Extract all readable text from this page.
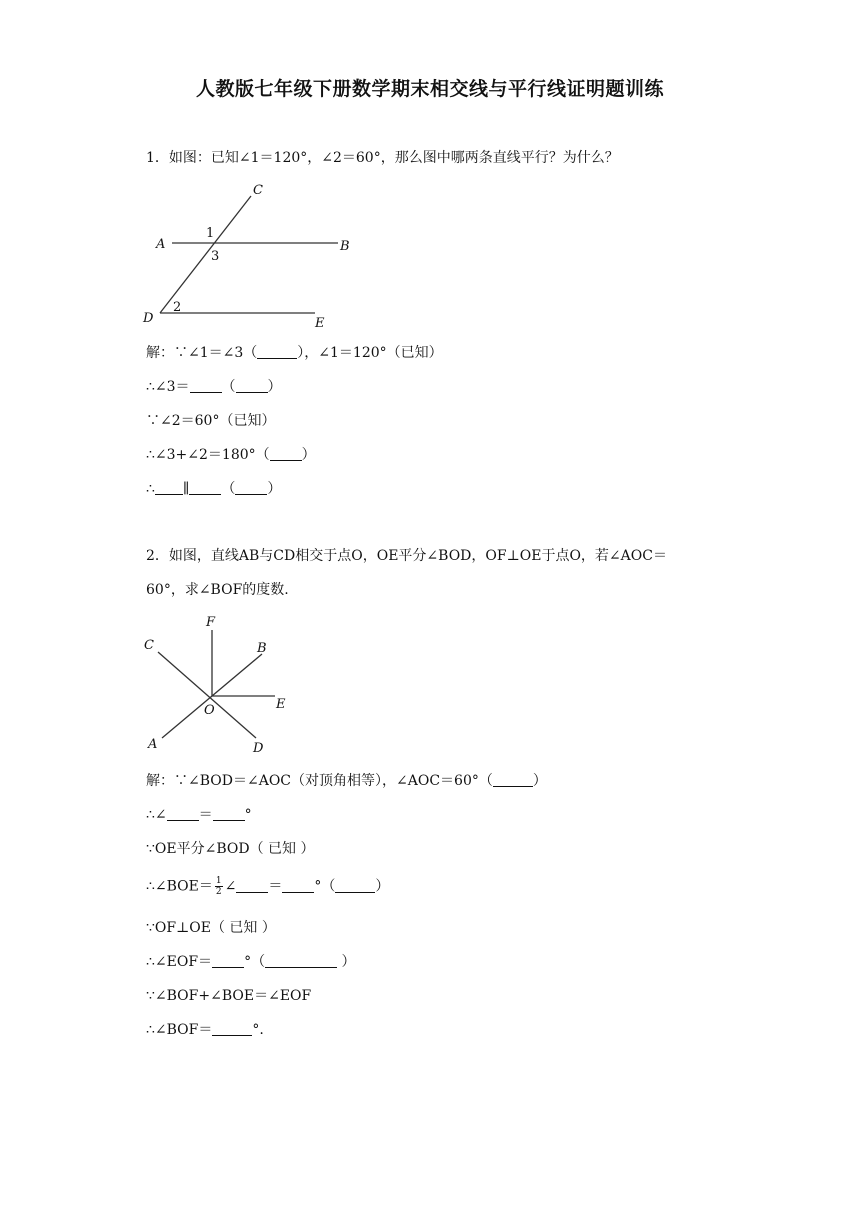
人教版七年级下册数学期末相交线与平行线证明题训练
1．如图：已知∠1＝120°，∠2＝60°，那么图中哪两条直线平行？为什么？
A	B
C
D	E
1
3
2
解：∵∠1＝∠3（	），∠1＝120°（已知）
∴∠3＝ （ ）
∵∠2＝60°（已知）
∴∠3+∠2＝180°（ ）
∴ ∥ （ ）
2．如图，直线AB与CD相交于点O，OE平分∠BOD，OF⊥OE于点O，若∠AOC＝
60°，求∠BOF的度数.
F
B
C
E
O
A	D
解：∵∠BOD＝∠AOC（对顶角相等），∠AOC＝60°（	）
∴∠ ＝ °
∵OE平分∠BOD（ 已知 ）
∴∠BOE＝ $\frac{1}{2}$ ∠ ＝ °（	）
∵OF⊥OE（ 已知 ）
∴∠EOF＝ °（	）
∵∠BOF+∠BOE＝∠EOF
∴∠BOF＝	°.
